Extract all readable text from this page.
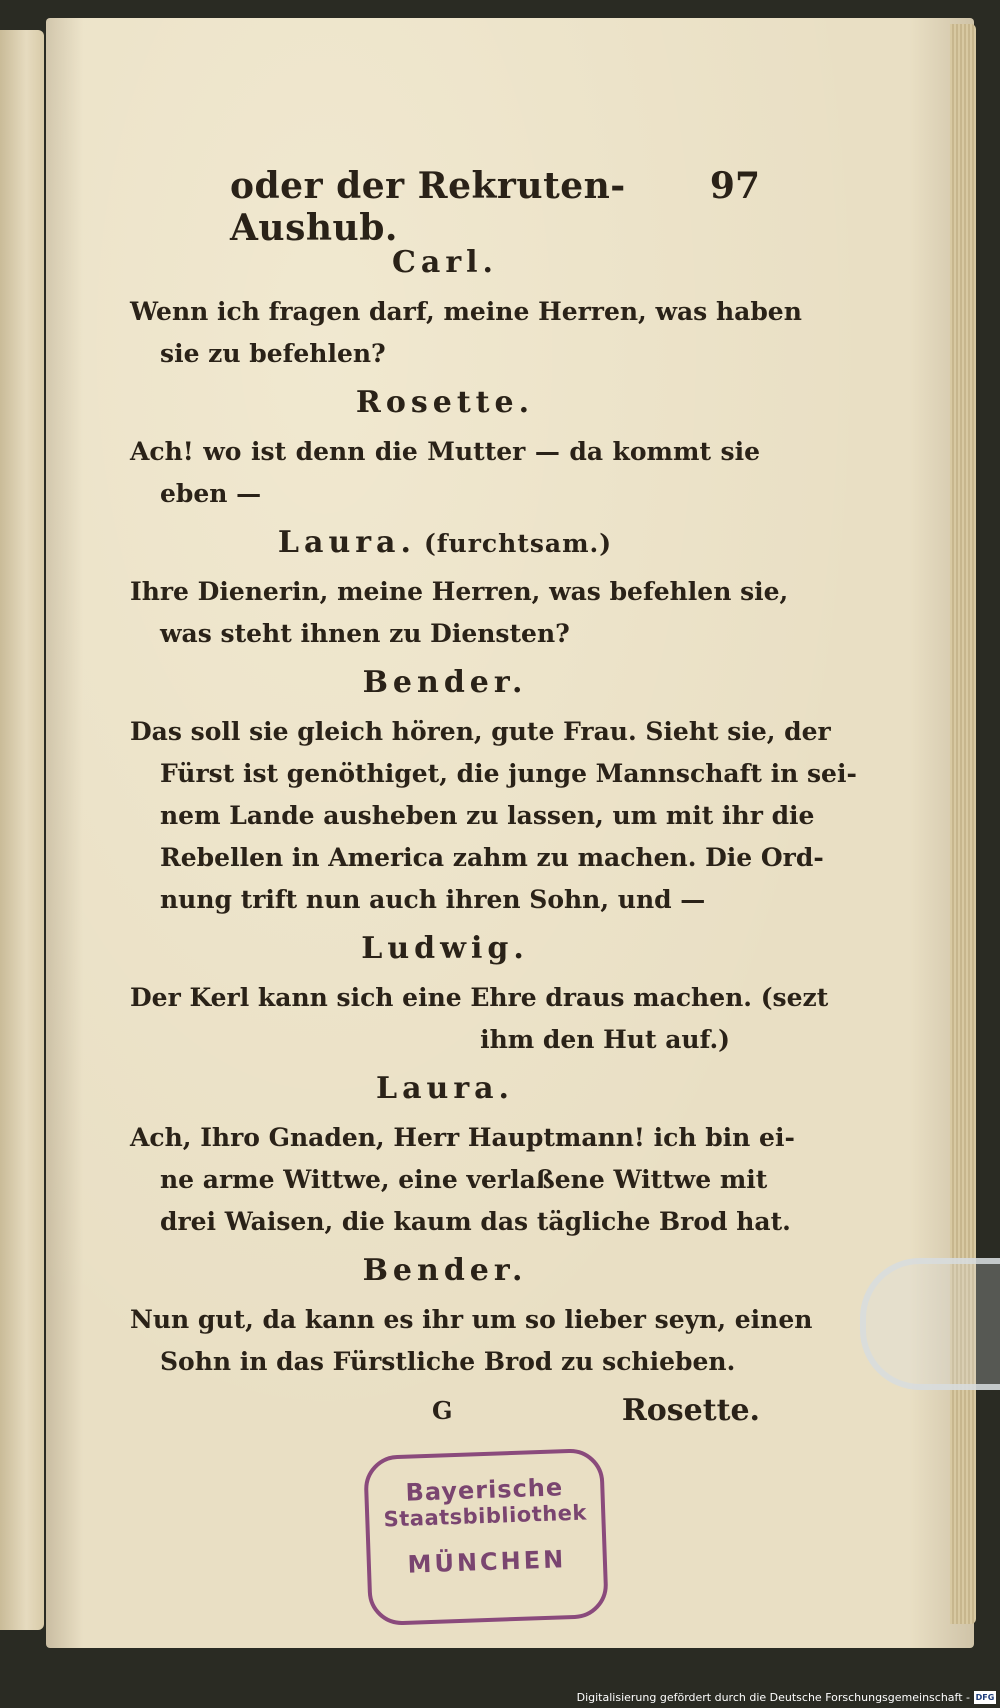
oder der Rekruten-Aushub.
97
Carl.
Wenn ich fragen darf, meine Herren, was haben
sie zu befehlen?
Rosette.
Ach! wo ist denn die Mutter — da kommt sie
eben —
Laura. (furchtsam.)
Ihre Dienerin, meine Herren, was befehlen sie,
was steht ihnen zu Diensten?
Bender.
Das soll sie gleich hören, gute Frau. Sieht sie, der
Fürst ist genöthiget, die junge Mannschaft in sei-
nem Lande ausheben zu lassen, um mit ihr die
Rebellen in America zahm zu machen. Die Ord-
nung trift nun auch ihren Sohn, und —
Ludwig.
Der Kerl kann sich eine Ehre draus machen. (sezt
ihm den Hut auf.)
Laura.
Ach, Ihro Gnaden, Herr Hauptmann! ich bin ei-
ne arme Wittwe, eine verlaßene Wittwe mit
drei Waisen, die kaum das tägliche Brod hat.
Bender.
Nun gut, da kann es ihr um so lieber seyn, einen
Sohn in das Fürstliche Brod zu schieben.
G	Rosette.
Bayerische
Staatsbibliothek
MÜNCHEN
Digitalisierung gefördert durch die Deutsche Forschungsgemeinschaft - DFG
